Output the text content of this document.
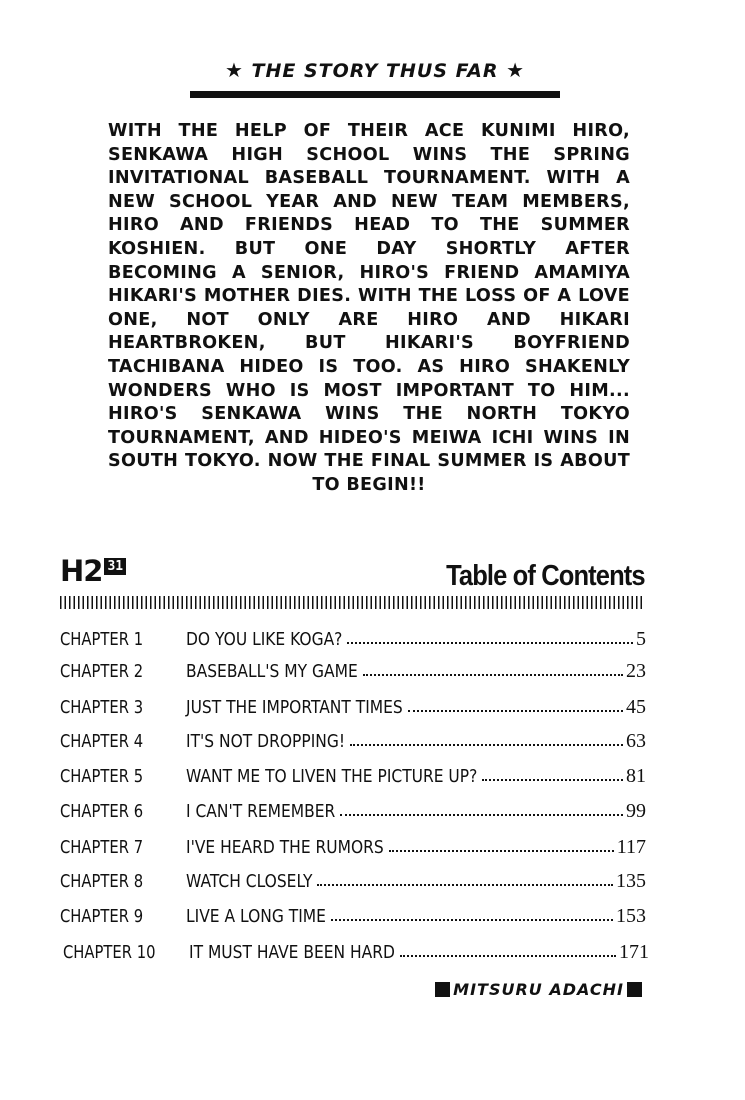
★ THE STORY THUS FAR ★
WITH THE HELP OF THEIR ACE KUNIMI HIRO, SENKAWA HIGH SCHOOL WINS THE SPRING INVITATIONAL BASEBALL TOURNAMENT. WITH A NEW SCHOOL YEAR AND NEW TEAM MEMBERS, HIRO AND FRIENDS HEAD TO THE SUMMER KOSHIEN. BUT ONE DAY SHORTLY AFTER BECOMING A SENIOR, HIRO'S FRIEND AMAMIYA HIKARI'S MOTHER DIES. WITH THE LOSS OF A LOVE ONE, NOT ONLY ARE HIRO AND HIKARI HEARTBROKEN, BUT HIKARI'S BOYFRIEND TACHIBANA HIDEO IS TOO. AS HIRO SHAKENLY WONDERS WHO IS MOST IMPORTANT TO HIM... HIRO'S SENKAWA WINS THE NORTH TOKYO TOURNAMENT, AND HIDEO'S MEIWA ICHI WINS IN SOUTH TOKYO. NOW THE FINAL SUMMER IS ABOUT TO BEGIN!!
H2 31	Table of Contents
CHAPTER 1	DO YOU LIKE KOGA?	5
CHAPTER 2	BASEBALL'S MY GAME	23
CHAPTER 3	JUST THE IMPORTANT TIMES	45
CHAPTER 4	IT'S NOT DROPPING!	63
CHAPTER 5	WANT ME TO LIVEN THE PICTURE UP?	81
CHAPTER 6	I CAN'T REMEMBER	99
CHAPTER 7	I'VE HEARD THE RUMORS	117
CHAPTER 8	WATCH CLOSELY	135
CHAPTER 9	LIVE A LONG TIME	153
CHAPTER 10	IT MUST HAVE BEEN HARD	171
MITSURU ADACHI
